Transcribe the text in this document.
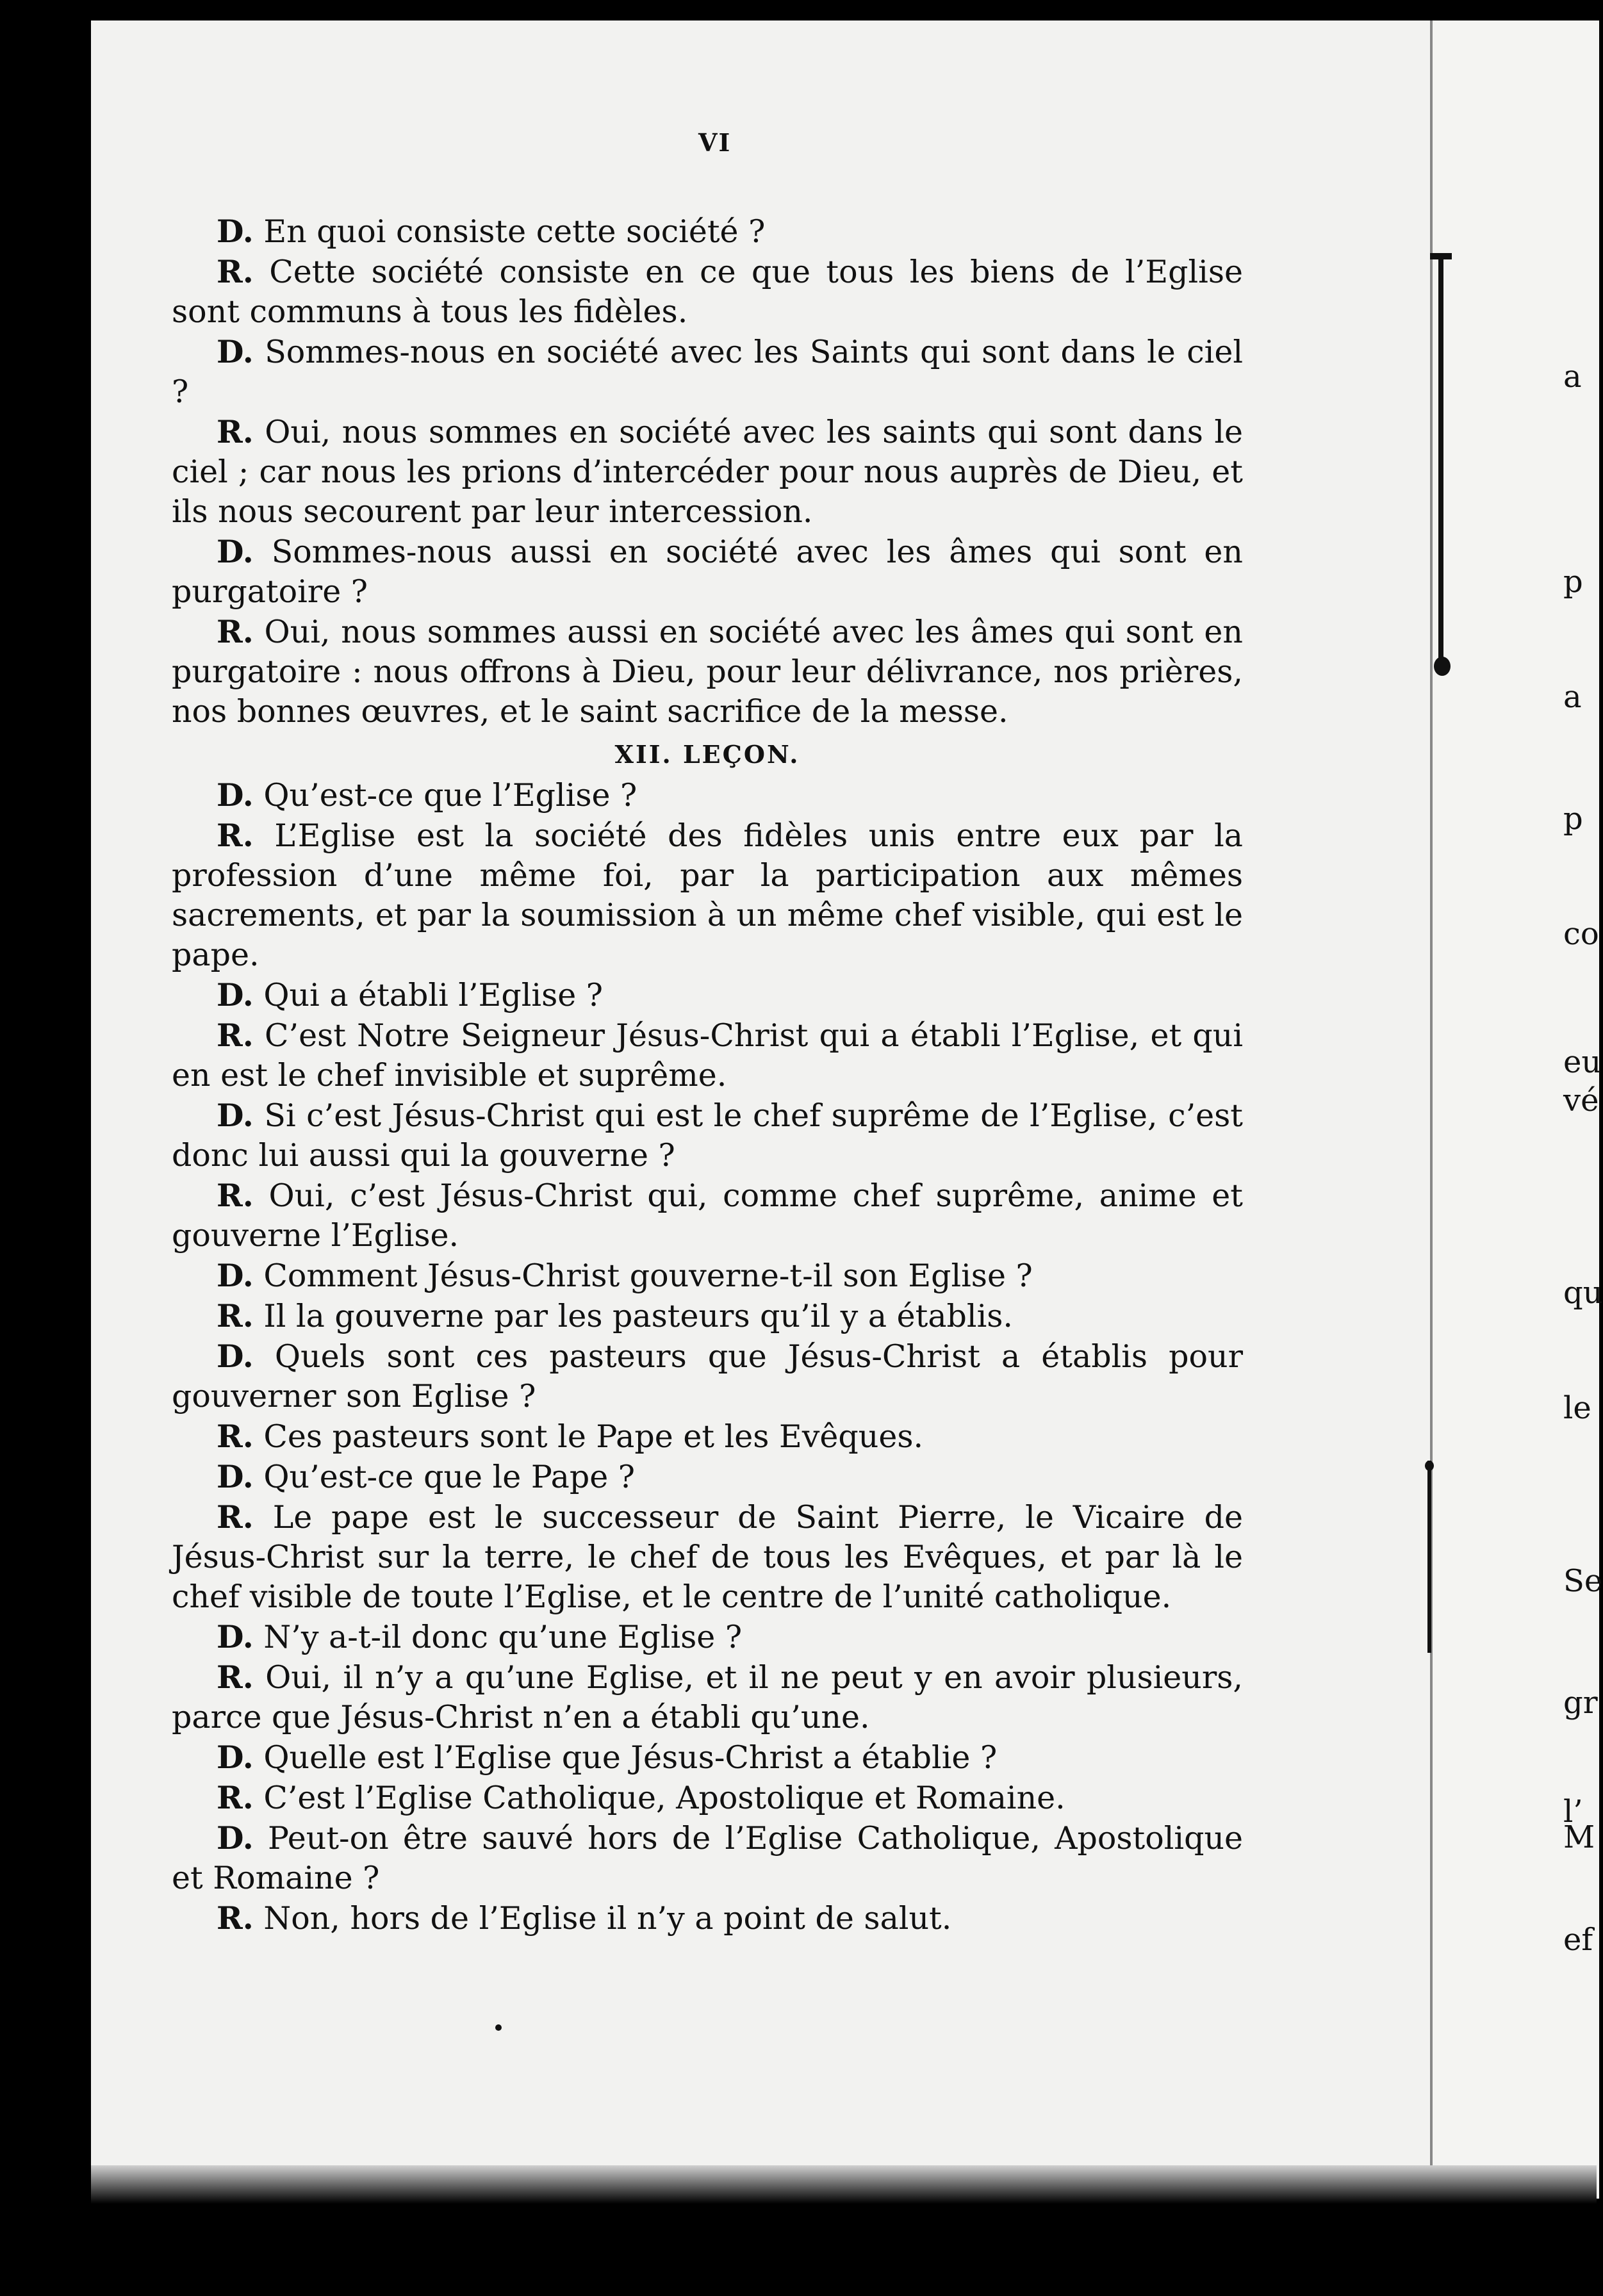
VI

D. En quoi consiste cette société ?

R. Cette société consiste en ce que tous les biens de l’Eglise sont communs à tous les fidèles.

D. Sommes-nous en société avec les Saints qui sont dans le ciel ?

R. Oui, nous sommes en société avec les saints qui sont dans le ciel ; car nous les prions d’intercéder pour nous auprès de Dieu, et ils nous secourent par leur intercession.

D. Sommes-nous aussi en société avec les âmes qui sont en purgatoire ?

R. Oui, nous sommes aussi en société avec les âmes qui sont en purgatoire : nous offrons à Dieu, pour leur délivrance, nos prières, nos bonnes œuvres, et le saint sacrifice de la messe.

XII. LEÇON.

D. Qu’est-ce que l’Eglise ?

R. L’Eglise est la société des fidèles unis entre eux par la profession d’une même foi, par la participation aux mêmes sacrements, et par la soumission à un même chef visible, qui est le pape.

D. Qui a établi l’Eglise ?

R. C’est Notre Seigneur Jésus-Christ qui a établi l’Eglise, et qui en est le chef invisible et suprême.

D. Si c’est Jésus-Christ qui est le chef suprême de l’Eglise, c’est donc lui aussi qui la gouverne ?

R. Oui, c’est Jésus-Christ qui, comme chef suprême, anime et gouverne l’Eglise.

D. Comment Jésus-Christ gouverne-t-il son Eglise ?

R. Il la gouverne par les pasteurs qu’il y a établis.

D. Quels sont ces pasteurs que Jésus-Christ a établis pour gouverner son Eglise ?

R. Ces pasteurs sont le Pape et les Evêques.

D. Qu’est-ce que le Pape ?

R. Le pape est le successeur de Saint Pierre, le Vicaire de Jésus-Christ sur la terre, le chef de tous les Evêques, et par là le chef visible de toute l’Eglise, et le centre de l’unité catholique.

D. N’y a-t-il donc qu’une Eglise ?

R. Oui, il n’y a qu’une Eglise, et il ne peut y en avoir plusieurs, parce que Jésus-Christ n’en a établi qu’une.

D. Quelle est l’Eglise que Jésus-Christ a établie ?

R. C’est l’Eglise Catholique, Apostolique et Romaine.

D. Peut-on être sauvé hors de l’Eglise Catholique, Apostolique et Romaine ?

R. Non, hors de l’Eglise il n’y a point de salut.

a
p
a
p
co
eu
vé
qu
le
Se
gr
l’
M
ef
